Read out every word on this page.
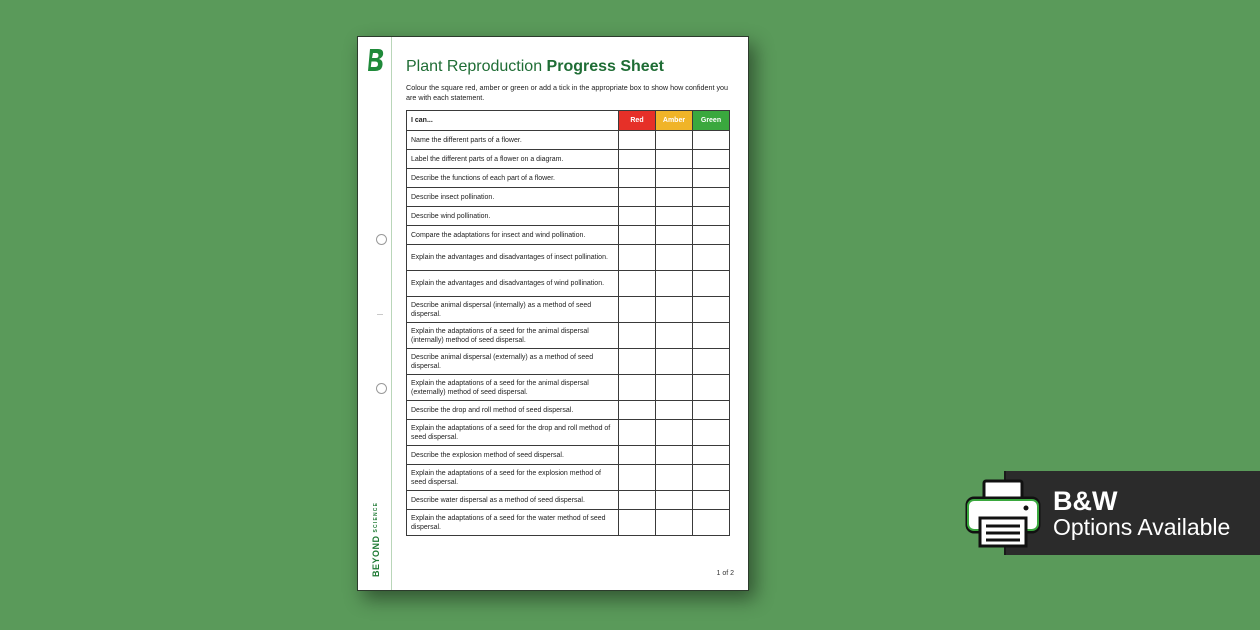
BEYONDSCIENCE
Plant Reproduction Progress Sheet
Colour the square red, amber or green or add a tick in the appropriate box to show how confident you are with each statement.
I can...	Red	Amber	Green
Name the different parts of a flower.			
Label the different parts of a flower on a diagram.			
Describe the functions of each part of a flower.			
Describe insect pollination.			
Describe wind pollination.			
Compare the adaptations for insect and wind pollination.			
Explain the advantages and disadvantages of insect pollination.			
Explain the advantages and disadvantages of wind pollination.			
Describe animal dispersal (internally) as a method of seed dispersal.			
Explain the adaptations of a seed for the animal dispersal (internally) method of seed dispersal.			
Describe animal dispersal (externally) as a method of seed dispersal.			
Explain the adaptations of a seed for the animal dispersal (externally) method of seed dispersal.			
Describe the drop and roll method of seed dispersal.			
Explain the adaptations of a seed for the drop and roll method of seed dispersal.			
Describe the explosion method of seed dispersal.			
Explain the adaptations of a seed for the explosion method of seed dispersal.			
Describe water dispersal as a method of seed dispersal.			
Explain the adaptations of a seed for the water method of seed dispersal.			
1 of 2
B&W
Options Available
